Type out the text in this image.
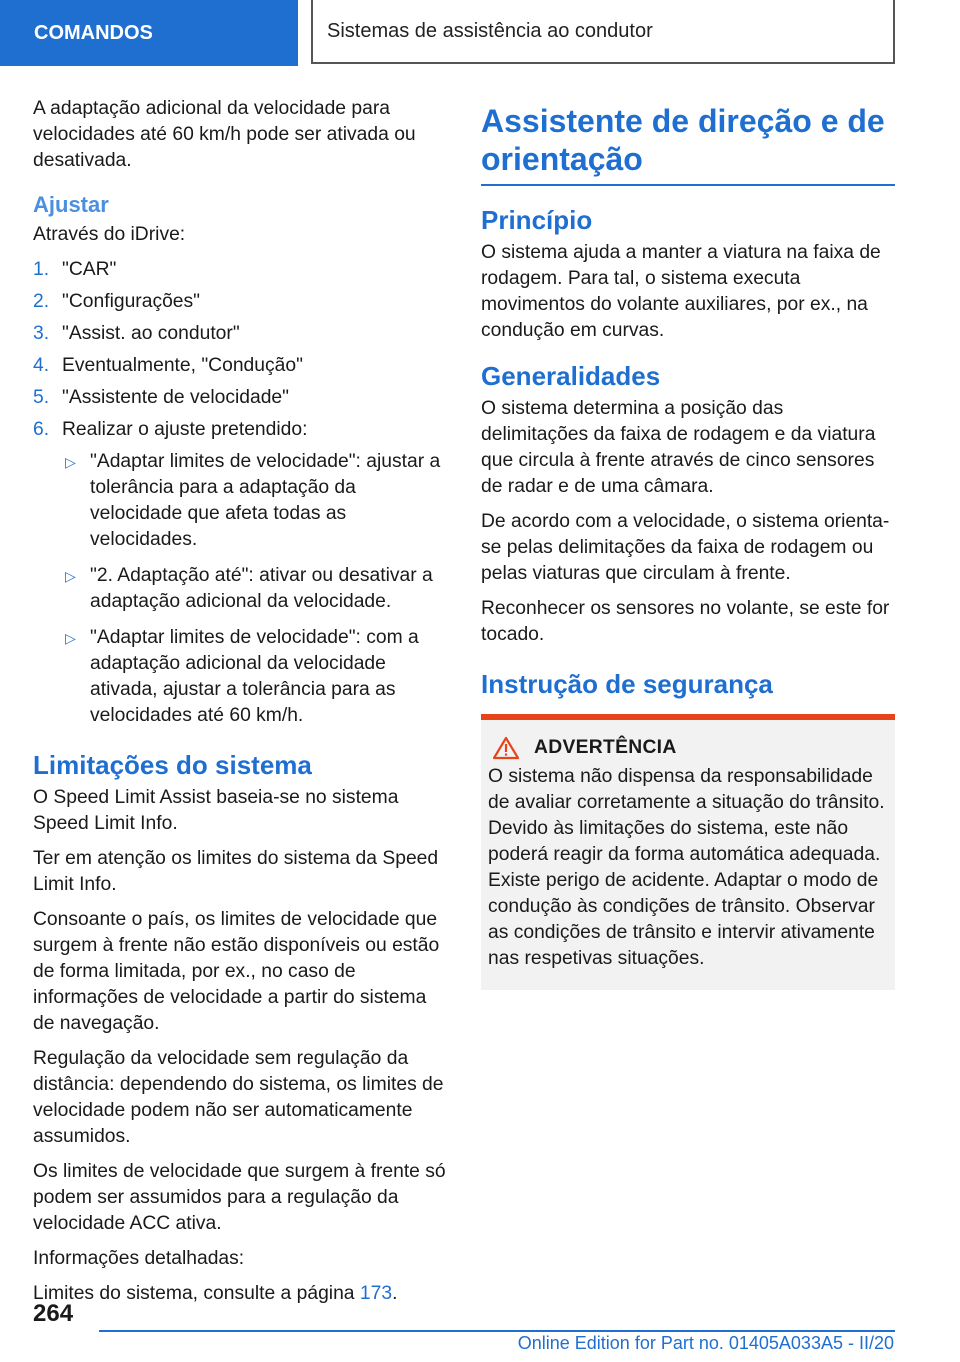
COMANDOS	Sistemas de assistência ao condutor

A adaptação adicional da velocidade para velocidades até 60 km/h pode ser ativada ou desativada.

Ajustar

Através do iDrive:

1. "CAR"
2. "Configurações"
3. "Assist. ao condutor"
4. Eventualmente, "Condução"
5. "Assistente de velocidade"
6. Realizar o ajuste pretendido:
▷ "Adaptar limites de velocidade": ajustar a tolerância para a adaptação da velocidade que afeta todas as velocidades.
▷ "2. Adaptação até": ativar ou desativar a adaptação adicional da velocidade.
▷ "Adaptar limites de velocidade": com a adaptação adicional da velocidade ativada, ajustar a tolerância para as velocidades até 60 km/h.
Limitações do sistema

O Speed Limit Assist baseia-se no sistema Speed Limit Info.

Ter em atenção os limites do sistema da Speed Limit Info.

Consoante o país, os limites de velocidade que surgem à frente não estão disponíveis ou estão de forma limitada, por ex., no caso de informações de velocidade a partir do sistema de navegação.

Regulação da velocidade sem regulação da distância: dependendo do sistema, os limites de velocidade podem não ser automaticamente assumidos.

Os limites de velocidade que surgem à frente só podem ser assumidos para a regulação da velocidade ACC ativa.

Informações detalhadas:

Limites do sistema, consulte a página 173.

Assistente de direção e de orientação
Princípio

O sistema ajuda a manter a viatura na faixa de rodagem. Para tal, o sistema executa movimentos do volante auxiliares, por ex., na condução em curvas.

Generalidades

O sistema determina a posição das delimitações da faixa de rodagem e da viatura que circula à frente através de cinco sensores de radar e de uma câmara.

De acordo com a velocidade, o sistema orienta-se pelas delimitações da faixa de rodagem ou pelas viaturas que circulam à frente.

Reconhecer os sensores no volante, se este for tocado.

Instrução de segurança
ADVERTÊNCIA

O sistema não dispensa da responsabilidade de avaliar corretamente a situação do trânsito. Devido às limitações do sistema, este não poderá reagir da forma automática adequada. Existe perigo de acidente. Adaptar o modo de condução às condições de trânsito. Observar as condições de trânsito e intervir ativamente nas respetivas situações.

264
Online Edition for Part no. 01405A033A5 - II/20
